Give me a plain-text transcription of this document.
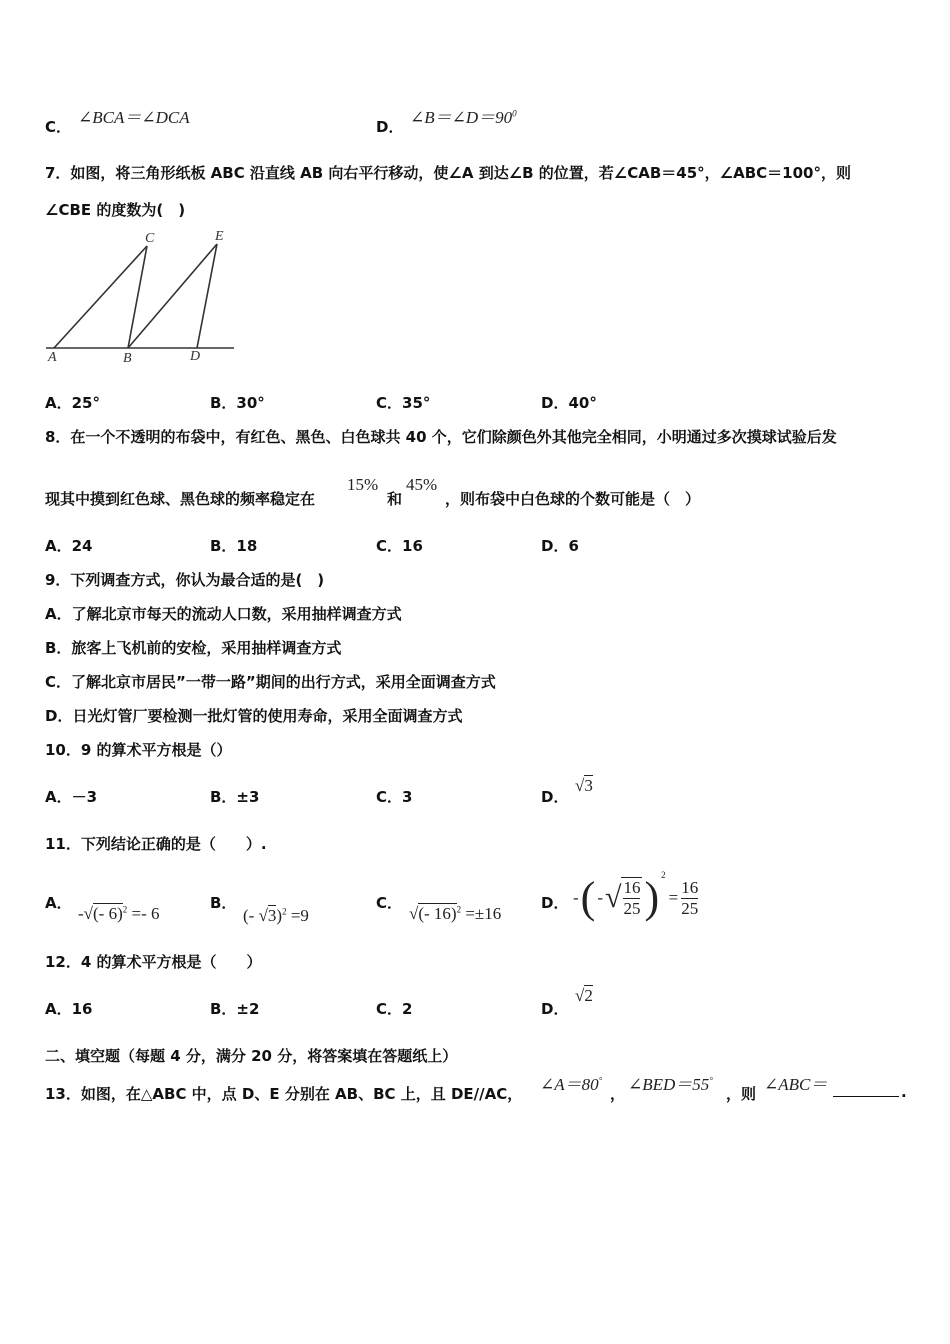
C． ∠BCA＝∠DCA	D． $\angle B=\angle D=90^0$
7．如图，将三角形纸板 ABC 沿直线 AB 向右平行移动，使∠A 到达∠B 的位置，若∠CAB＝45°，∠ABC＝100°，则
∠CBE 的度数为(　)
A	B
C
D
E
A．25°	B．30°	C．35°	D．40°
8．在一个不透明的布袋中，有红色、黑色、白色球共 40 个，它们除颜色外其他完全相同，小明通过多次摸球试验后发
现其中摸到红色球、黑色球的频率稳定在
15%
和
45%
，则布袋中白色球的个数可能是（　）
A．24	B．18	C．16	D．6
9．下列调查方式，你认为最合适的是(　)
A．了解北京市每天的流动人口数，采用抽样调查方式
B．旅客上飞机前的安检，采用抽样调查方式
C．了解北京市居民”一带一路”期间的出行方式，采用全面调查方式
D．日光灯管厂要检测一批灯管的使用寿命，采用全面调查方式
10．9 的算术平方根是（）
A．－3	B．±3	C．3	D．
√3
11．下列结论正确的是（　　）.
A．
-√(- 6)$^2$ =- 6
B．
(- √3)$^2$ =9
C．
√(- 16)$^2$ =±16
D． - ( - √ 16
25 )$^2$
= $\frac{16}{25}$
12．4 的算术平方根是（　　）
A．16	B．±2	C．2	D．
√2
二、填空题（每题 4 分，满分 20 分，将答案填在答题纸上）
13．如图，在△ABC 中，点 D、E 分别在 AB、BC 上，且 DE//AC， ∠A＝80°
， ∠BED＝55°
，则 ∠ABC＝	.
